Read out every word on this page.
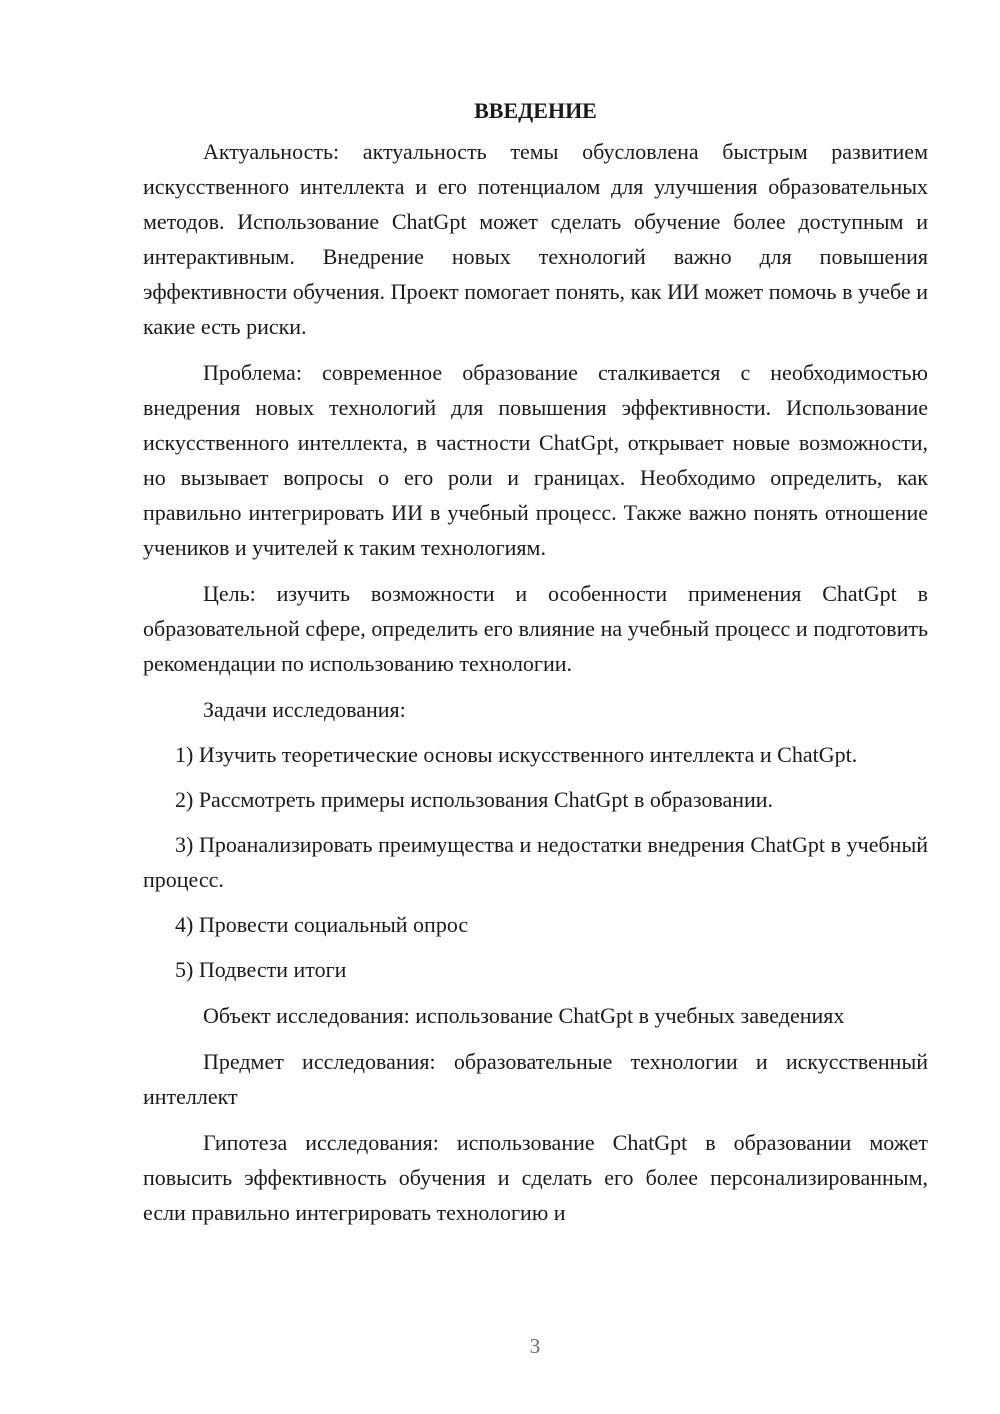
ВВЕДЕНИЕ

Актуальность: актуальность темы обусловлена быстрым развитием искусственного интеллекта и его потенциалом для улучшения образовательных методов. Использование ChatGpt может сделать обучение более доступным и интерактивным. Внедрение новых технологий важно для повышения эффективности обучения. Проект помогает понять, как ИИ может помочь в учебе и какие есть риски.

Проблема: современное образование сталкивается с необходимостью внедрения новых технологий для повышения эффективности. Использование искусственного интеллекта, в частности ChatGpt, открывает новые возможности, но вызывает вопросы о его роли и границах. Необходимо определить, как правильно интегрировать ИИ в учебный процесс. Также важно понять отношение учеников и учителей к таким технологиям.

Цель: изучить возможности и особенности применения ChatGpt в образовательной сфере, определить его влияние на учебный процесс и подготовить рекомендации по использованию технологии.

Задачи исследования:

1) Изучить теоретические основы искусственного интеллекта и ChatGpt.

2) Рассмотреть примеры использования ChatGpt в образовании.

3) Проанализировать преимущества и недостатки внедрения ChatGpt в учебный процесс.

4) Провести социальный опрос

5) Подвести итоги

Объект исследования: использование ChatGpt в учебных заведениях

Предмет исследования: образовательные технологии и искусственный интеллект

Гипотеза исследования: использование ChatGpt в образовании может повысить эффективность обучения и сделать его более персонализированным, если правильно интегрировать технологию и

3
